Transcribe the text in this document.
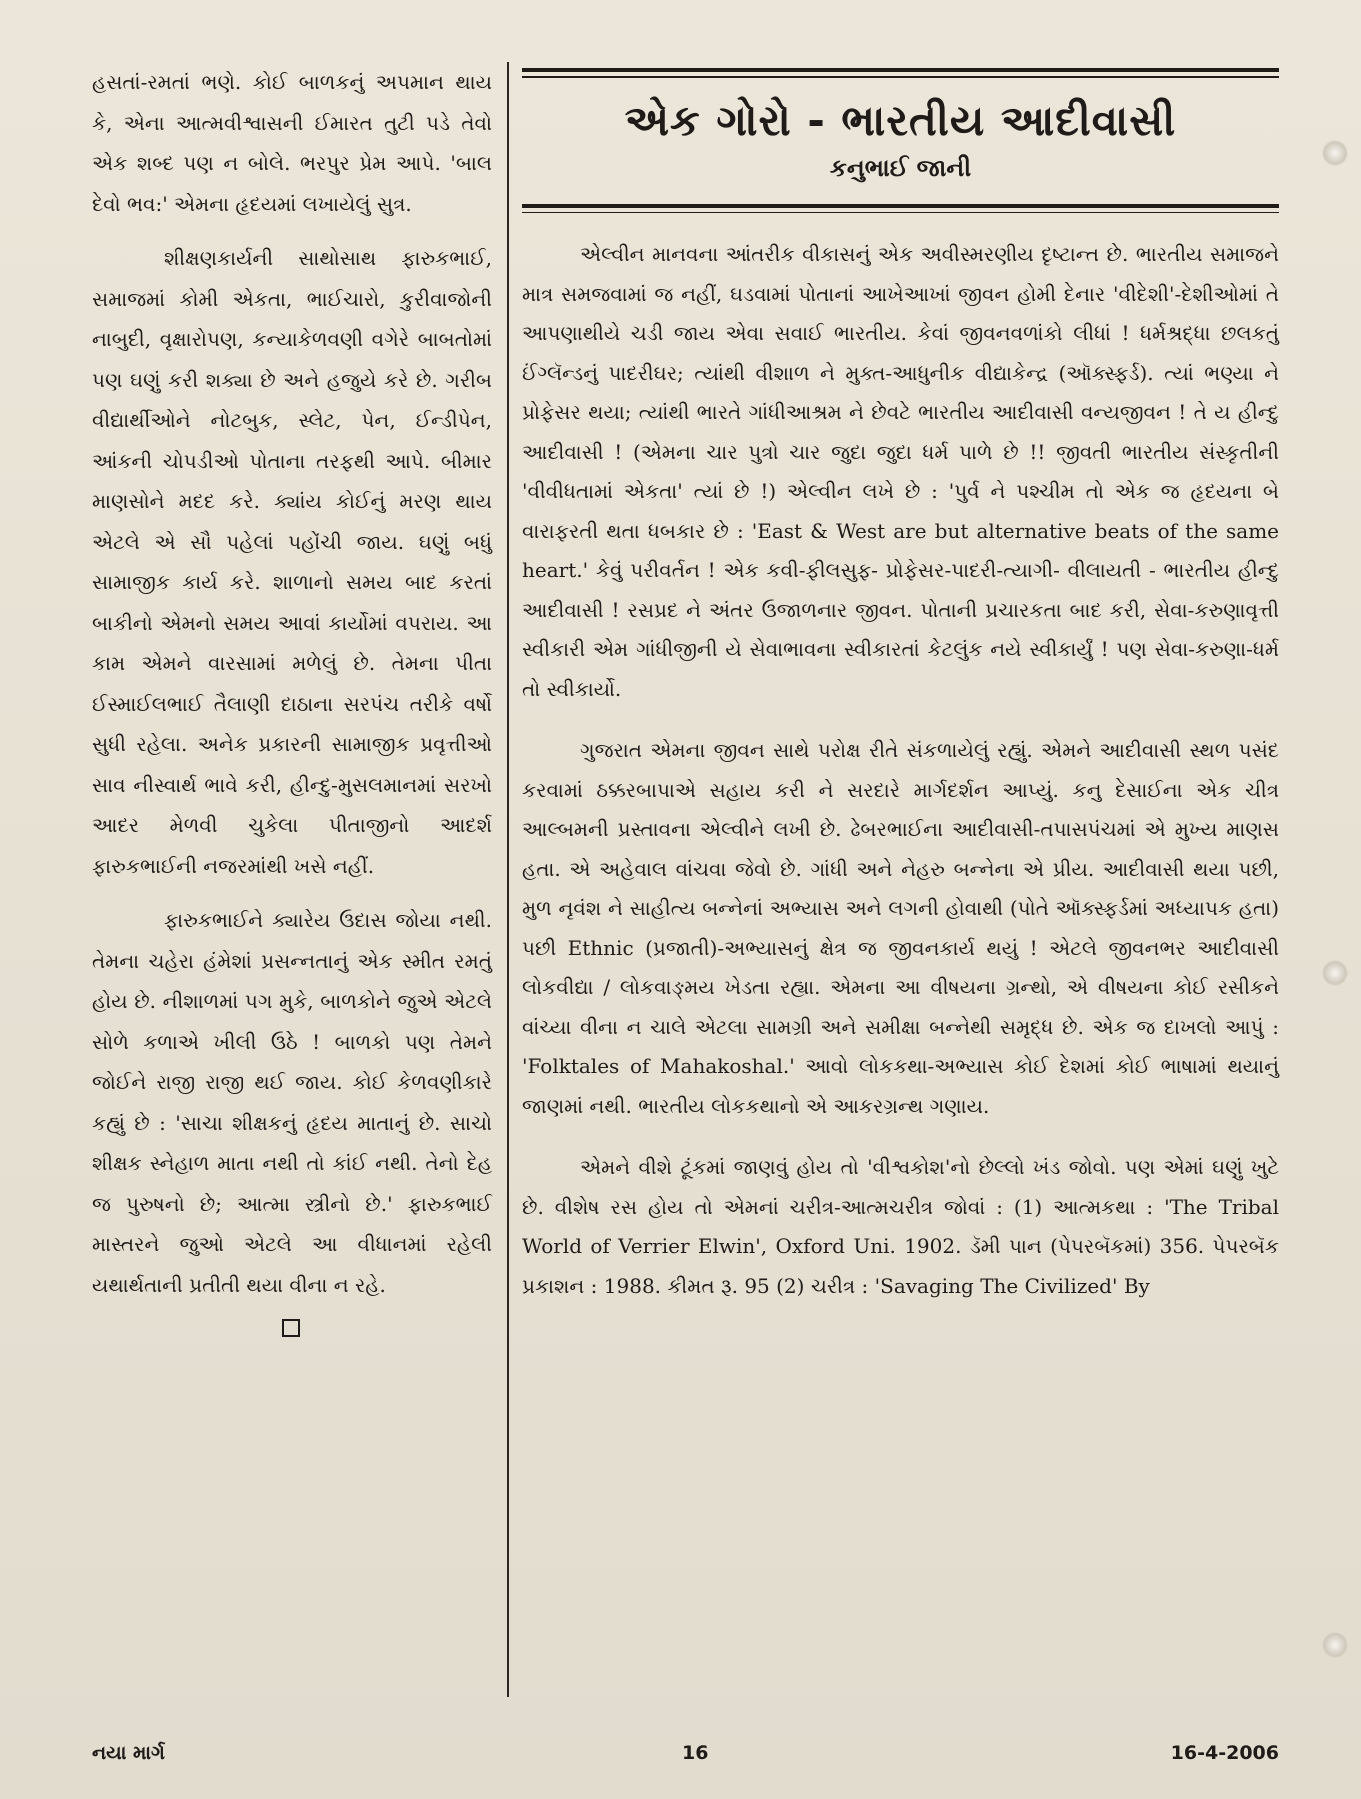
હસતાં-રમતાં ભણે. કોઈ બાળકનું અપમાન થાય કે, એના આત્મવીશ્વાસની ઈમારત તુટી પડે તેવો એક શબ્દ પણ ન બોલે. ભરપુર પ્રેમ આપે. 'બાલ દેવો ભવ:' એમના હૃદયમાં લખાયેલું સુત્ર.

શીક્ષણકાર્યની સાથોસાથ ફારુકભાઈ, સમાજમાં કોમી એકતા, ભાઈચારો, કુરીવાજોની નાબુદી, વૃક્ષારોપણ, કન્યાકેળવણી વગેરે બાબતોમાં પણ ઘણું કરી શક્યા છે અને હજુયે કરે છે. ગરીબ વીદ્યાર્થીઓને નોટબુક, સ્લેટ, પેન, ઈન્ડીપેન, આંકની ચોપડીઓ પોતાના તરફથી આપે. બીમાર માણસોને મદદ કરે. ક્યાંય કોઈનું મરણ થાય એટલે એ સૌ પહેલાં પહોંચી જાય. ઘણું બધું સામાજીક કાર્ય કરે. શાળાનો સમય બાદ કરતાં બાકીનો એમનો સમય આવાં કાર્યોમાં વપરાય. આ કામ એમને વારસામાં મળેલું છે. તેમના પીતા ઈસ્માઈલભાઈ તૈલાણી દાઠાના સરપંચ તરીકે વર્ષો સુધી રહેલા. અનેક પ્રકારની સામાજીક પ્રવૃત્તીઓ સાવ નીસ્વાર્થ ભાવે કરી, હીન્દુ-મુસલમાનમાં સરખો આદર મેળવી ચુકેલા પીતાજીનો આદર્શ ફારુકભાઈની નજરમાંથી ખસે નહીં.

ફારુકભાઈને ક્યારેય ઉદાસ જોયા નથી. તેમના ચહેરા હંમેશાં પ્રસન્નતાનું એક સ્મીત રમતું હોય છે. નીશાળમાં પગ મુકે, બાળકોને જુએ એટલે સોળે કળાએ ખીલી ઉઠે ! બાળકો પણ તેમને જોઈને રાજી રાજી થઈ જાય. કોઈ કેળવણીકારે કહ્યું છે : 'સાચા શીક્ષકનું હૃદય માતાનું છે. સાચો શીક્ષક સ્નેહાળ માતા નથી તો કાંઈ નથી. તેનો દેહ જ પુરુષનો છે; આત્મા સ્ત્રીનો છે.' ફારુકભાઈ માસ્તરને જુઓ એટલે આ વીધાનમાં રહેલી યથાર્થતાની પ્રતીતી થયા વીના ન રહે.

એક ગોરો - ભારતીય આદીવાસી
કનુભાઈ જાની

એલ્વીન માનવના આંતરીક વીકાસનું એક અવીસ્મરણીય દૃષ્ટાન્ત છે. ભારતીય સમાજને માત્ર સમજવામાં જ નહીં, ઘડવામાં પોતાનાં આખેઆખાં જીવન હોમી દેનાર 'વીદેશી'-દેશીઓમાં તે આપણાથીયે ચડી જાય એવા સવાઈ ભારતીય. કેવાં જીવનવળાંકો લીધાં ! ધર્મશ્રદ્ધા છલકતું ઈંગ્લૅન્ડનું પાદરીઘર; ત્યાંથી વીશાળ ને મુક્ત-આધુનીક વીદ્યાકેન્દ્ર (ઑક્સ્ફર્ડ). ત્યાં ભણ્યા ને પ્રોફેસર થયા; ત્યાંથી ભારતે ગાંધીઆશ્રમ ને છેવટે ભારતીય આદીવાસી વન્યજીવન ! તે ય હીન્દુ આદીવાસી ! (એમના ચાર પુત્રો ચાર જુદા જુદા ધર્મ પાળે છે !! જીવતી ભારતીય સંસ્કૃતીની 'વીવીધતામાં એકતા' ત્યાં છે !) એલ્વીન લખે છે : 'પુર્વ ને પશ્ચીમ તો એક જ હૃદયના બે વારાફરતી થતા ધબકાર છે : 'East & West are but alternative beats of the same heart.' કેવું પરીવર્તન ! એક કવી-ફીલસુફ- પ્રોફેસર-પાદરી-ત્યાગી- વીલાયતી - ભારતીય હીન્દુ આદીવાસી ! રસપ્રદ ને અંતર ઉજાળનાર જીવન. પોતાની પ્રચારકતા બાદ કરી, સેવા-કરુણાવૃત્તી સ્વીકારી એમ ગાંધીજીની યે સેવાભાવના સ્વીકારતાં કેટલુંક નયે સ્વીકાર્યું ! પણ સેવા-કરુણા-ધર્મ તો સ્વીકાર્યો.

ગુજરાત એમના જીવન સાથે પરોક્ષ રીતે સંકળાયેલું રહ્યું. એમને આદીવાસી સ્થળ પસંદ કરવામાં ઠક્કરબાપાએ સહાય કરી ને સરદારે માર્ગદર્શન આપ્યું. કનુ દેસાઈના એક ચીત્ર આલ્બમની પ્રસ્તાવના એલ્વીને લખી છે. ઢેબરભાઈના આદીવાસી-તપાસપંચમાં એ મુખ્ય માણસ હતા. એ અહેવાલ વાંચવા જેવો છે. ગાંધી અને નેહરુ બન્નેના એ પ્રીય. આદીવાસી થયા પછી, મુળ નૃવંશ ને સાહીત્ય બન્નેનાં અભ્યાસ અને લગની હોવાથી (પોતે ઑક્સ્ફર્ડમાં અધ્યાપક હતા) પછી Ethnic (પ્રજાતી)-અભ્યાસનું ક્ષેત્ર જ જીવનકાર્ય થયું ! એટલે જીવનભર આદીવાસી લોકવીદ્યા / લોકવાઙ્મય ખેડતા રહ્યા. એમના આ વીષયના ગ્રન્થો, એ વીષયના કોઈ રસીકને વાંચ્યા વીના ન ચાલે એટલા સામગ્રી અને સમીક્ષા બન્નેથી સમૃદ્ધ છે. એક જ દાખલો આપું : 'Folktales of Mahakoshal.' આવો લોકકથા-અભ્યાસ કોઈ દેશમાં કોઈ ભાષામાં થયાનું જાણમાં નથી. ભારતીય લોકકથાનો એ આકરગ્રન્થ ગણાય.

એમને વીશે ટૂંકમાં જાણવું હોય તો 'વીશ્વકોશ'નો છેલ્લો ખંડ જોવો. પણ એમાં ઘણું ખુટે છે. વીશેષ રસ હોય તો એમનાં ચરીત્ર-આત્મચરીત્ર જોવાં : (1) આત્મકથા : 'The Tribal World of Verrier Elwin', Oxford Uni. 1902. ડૅમી પાન (પેપરબૅકમાં) 356. પેપરબૅક પ્રકાશન : 1988. કીમત રૂ. 95 (2) ચરીત્ર : 'Savaging The Civilized' By

નયા માર્ગ	16	16-4-2006
